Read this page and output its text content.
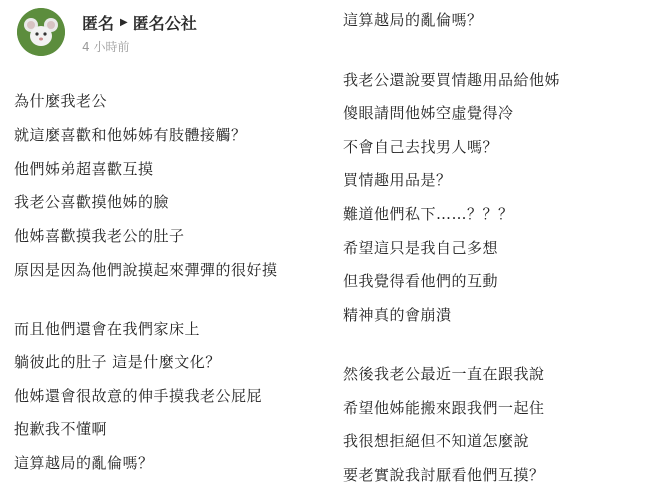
匿名 ▶ 匿名公社
4 小時前

為什麼我老公

就這麼喜歡和他姊姊有肢體接觸？

他們姊弟超喜歡互摸

我老公喜歡摸他姊的臉

他姊喜歡摸我老公的肚子

原因是因為他們說摸起來彈彈的很好摸

而且他們還會在我們家床上

躺彼此的肚子 這是什麼文化？

他姊還會很故意的伸手摸我老公屁屁

抱歉我不懂啊

這算越局的亂倫嗎？

這算越局的亂倫嗎？

我老公還說要買情趣用品給他姊

傻眼請問他姊空虛覺得冷

不會自己去找男人嗎？

買情趣用品是？

難道他們私下……？？？

希望這只是我自己多想

但我覺得看他們的互動

精神真的會崩潰

然後我老公最近一直在跟我說

希望他姊能搬來跟我們一起住

我很想拒絕但不知道怎麼說

要老實說我討厭看他們互摸？
